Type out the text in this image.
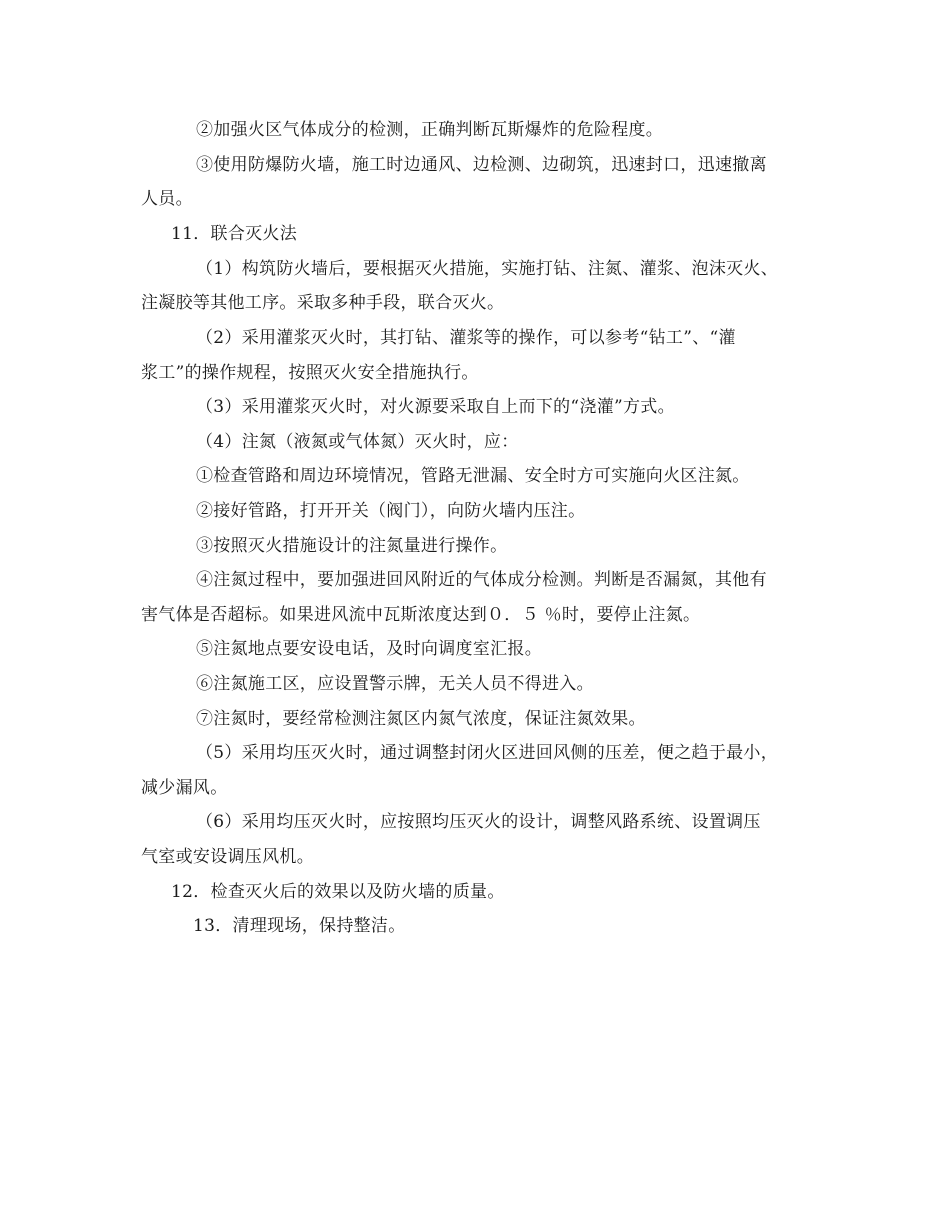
②加强火区气体成分的检测，正确判断瓦斯爆炸的危险程度。
③使用防爆防火墙，施工时边通风、边检测、边砌筑，迅速封口，迅速撤离
人员。
11．联合灭火法
（1）构筑防火墙后，要根据灭火措施，实施打钻、注氮、灌浆、泡沫灭火、
注凝胶等其他工序。采取多种手段，联合灭火。
（2）采用灌浆灭火时，其打钻、灌浆等的操作，可以参考“钻工”、“灌
浆工”的操作规程，按照灭火安全措施执行。
（3）采用灌浆灭火时，对火源要采取自上而下的“浇灌”方式。
（4）注氮（液氮或气体氮）灭火时，应：
①检查管路和周边环境情况，管路无泄漏、安全时方可实施向火区注氮。
②接好管路，打开开关（阀门），向防火墙内压注。
③按照灭火措施设计的注氮量进行操作。
④注氮过程中，要加强进回风附近的气体成分检测。判断是否漏氮，其他有
害气体是否超标。如果进风流中瓦斯浓度达到０．５ ％时，要停止注氮。
⑤注氮地点要安设电话，及时向调度室汇报。
⑥注氮施工区，应设置警示牌，无关人员不得进入。
⑦注氮时，要经常检测注氮区内氮气浓度，保证注氮效果。
（5）采用均压灭火时，通过调整封闭火区进回风侧的压差，便之趋于最小，
减少漏风。
（6）采用均压灭火时，应按照均压灭火的设计，调整风路系统、设置调压
气室或安设调压风机。
12．检查灭火后的效果以及防火墙的质量。
13．清理现场，保持整洁。
